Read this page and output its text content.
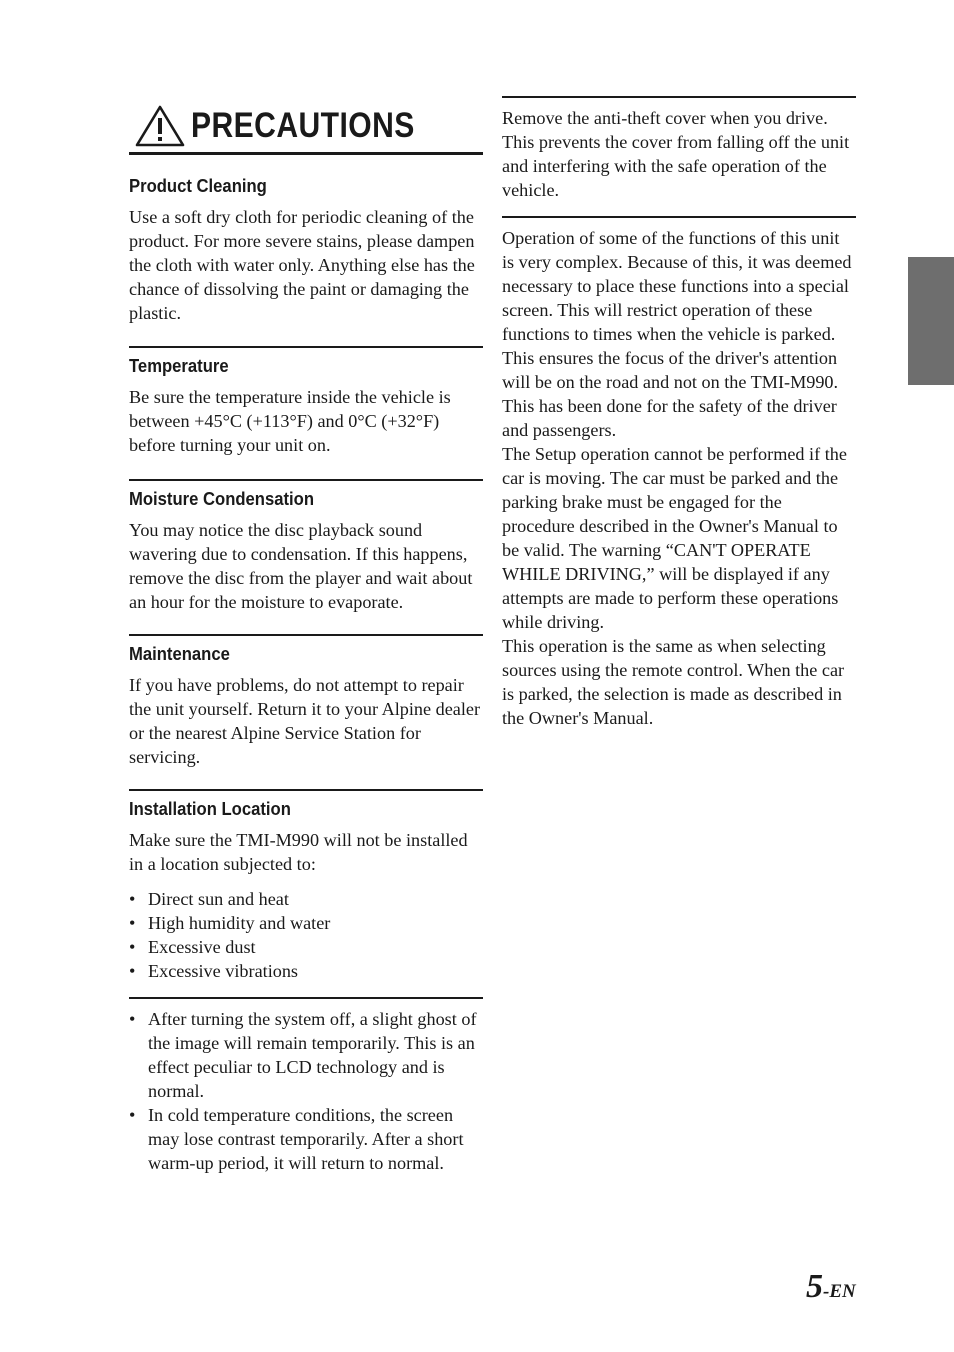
PRECAUTIONS
Product Cleaning

Use a soft dry cloth for periodic cleaning of the product. For more severe stains, please dampen the cloth with water only. Anything else has the chance of dissolving the paint or damaging the plastic.

Temperature

Be sure the temperature inside the vehicle is between +45°C (+113°F) and 0°C (+32°F) before turning your unit on.

Moisture Condensation

You may notice the disc playback sound wavering due to condensation. If this happens, remove the disc from the player and wait about an hour for the moisture to evaporate.

Maintenance

If you have problems, do not attempt to repair the unit yourself. Return it to your Alpine dealer or the nearest Alpine Service Station for servicing.

Installation Location

Make sure the TMI-M990 will not be installed in a location subjected to:

• Direct sun and heat
• High humidity and water
• Excessive dust
• Excessive vibrations
• After turning the system off, a slight ghost of the image will remain temporarily. This is an effect peculiar to LCD technology and is normal.
• In cold temperature conditions, the screen may lose contrast temporarily. After a short warm-up period, it will return to normal.

Remove the anti-theft cover when you drive. This prevents the cover from falling off the unit and interfering with the safe operation of the vehicle.

Operation of some of the functions of this unit is very complex. Because of this, it was deemed necessary to place these functions into a special screen. This will restrict operation of these functions to times when the vehicle is parked. This ensures the focus of the driver's attention will be on the road and not on the TMI-M990. This has been done for the safety of the driver and passengers.

The Setup operation cannot be performed if the car is moving. The car must be parked and the parking brake must be engaged for the procedure described in the Owner's Manual to be valid. The warning “CAN'T OPERATE WHILE DRIVING,” will be displayed if any attempts are made to perform these operations while driving.

This operation is the same as when selecting sources using the remote control. When the car is parked, the selection is made as described in the Owner's Manual.

5-EN
